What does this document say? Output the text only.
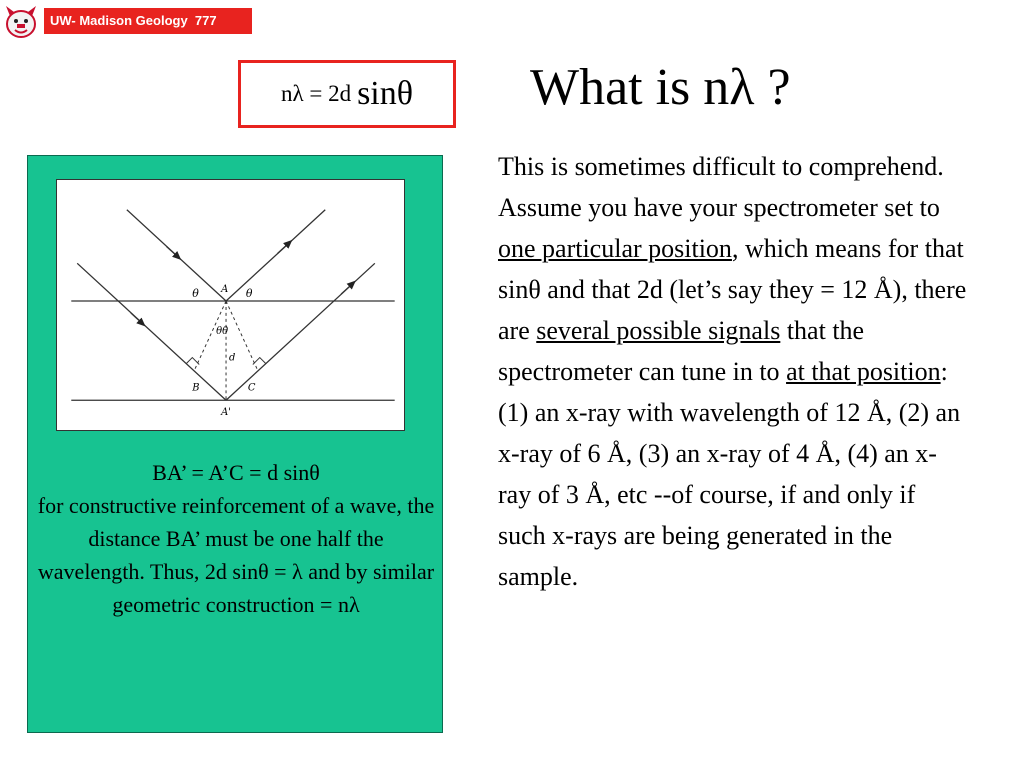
UW- Madison Geology  777
nλ = 2d sinθ What is nλ ?
θ A θ
θθ
d
B	C
A'
BA’ = A’C = d sinθ
for constructive reinforcement of a wave, the distance BA’ must be one half the wavelength. Thus, 2d sinθ = λ and by similar geometric construction = nλ
This is sometimes difficult to comprehend. Assume you have your spectrometer set to one particular position, which means for that sinθ and that 2d (let’s say they = 12 Å), there are several possible signals that the spectrometer can tune in to at that position: (1) an x-ray with wavelength of 12 Å, (2) an x-ray of 6 Å, (3) an x-ray of 4 Å, (4) an x-ray of 3 Å, etc --of course, if and only if such x-rays are being generated in the sample.
